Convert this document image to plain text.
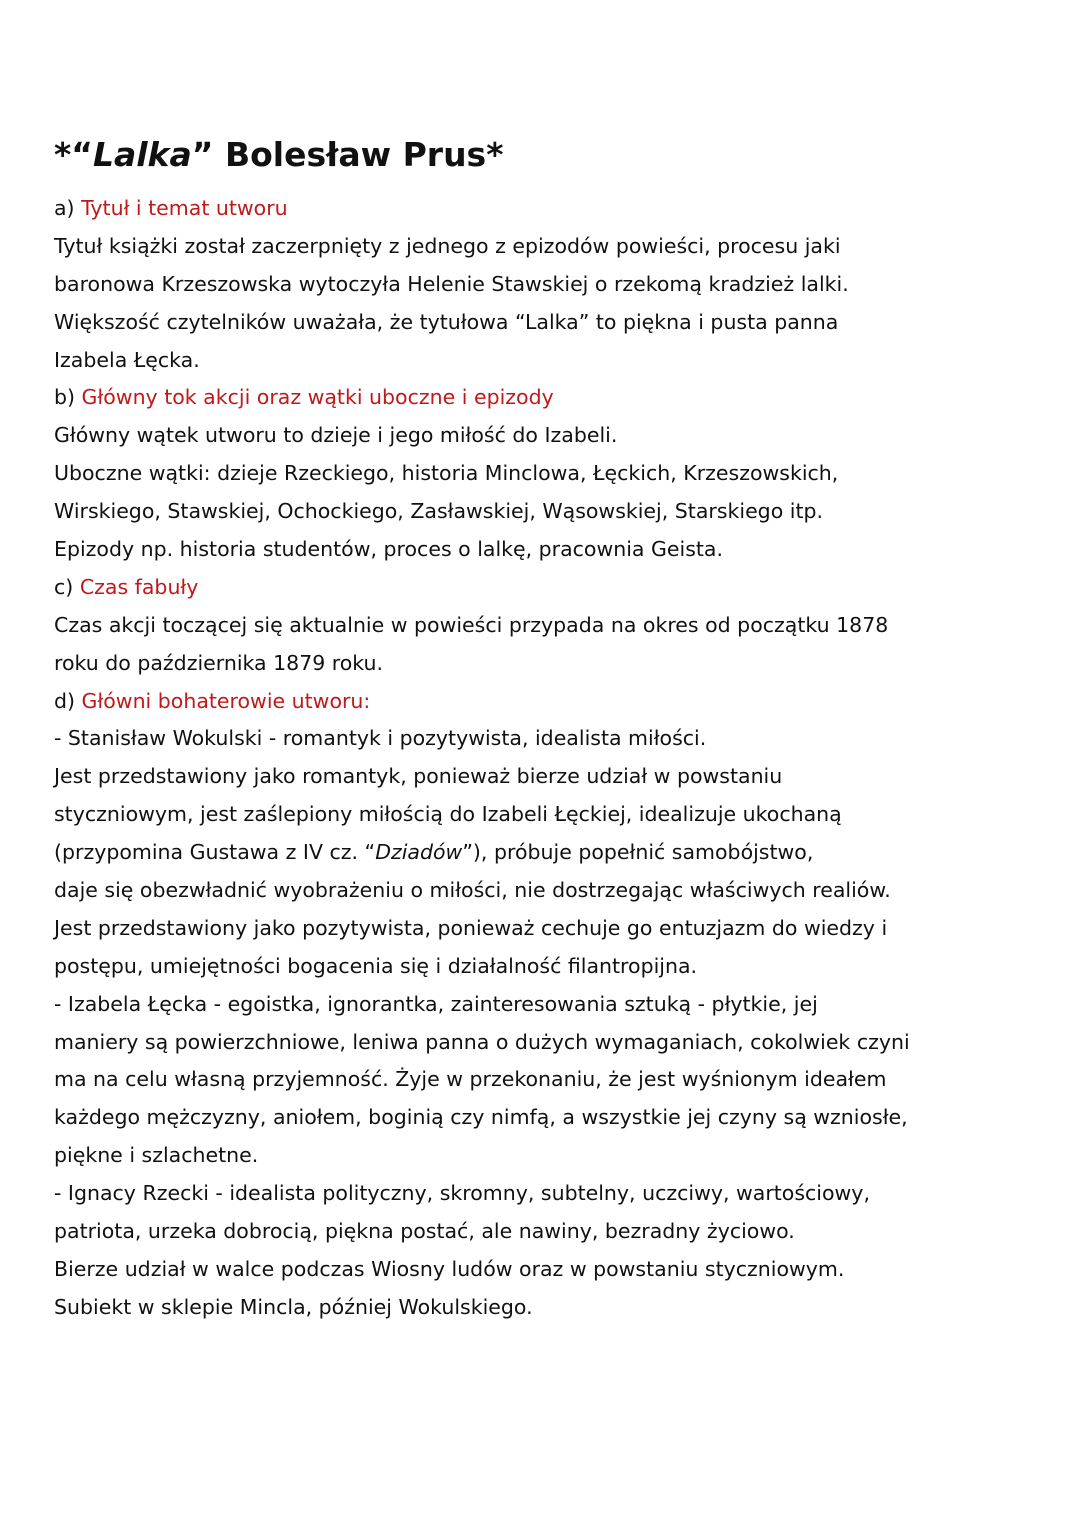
*“Lalka” Bolesław Prus*
a) Tytuł i temat utworu
Tytuł książki został zaczerpnięty z jednego z epizodów powieści, procesu jaki
baronowa Krzeszowska wytoczyła Helenie Stawskiej o rzekomą kradzież lalki.
Większość czytelników uważała, że tytułowa “Lalka” to piękna i pusta panna
Izabela Łęcka.
b) Główny tok akcji oraz wątki uboczne i epizody
Główny wątek utworu to dzieje i jego miłość do Izabeli.
Uboczne wątki: dzieje Rzeckiego, historia Minclowa, Łęckich, Krzeszowskich,
Wirskiego, Stawskiej, Ochockiego, Zasławskiej, Wąsowskiej, Starskiego itp.
Epizody np. historia studentów, proces o lalkę, pracownia Geista.
c) Czas fabuły
Czas akcji toczącej się aktualnie w powieści przypada na okres od początku 1878
roku do października 1879 roku.
d) Główni bohaterowie utworu:
- Stanisław Wokulski - romantyk i pozytywista, idealista miłości.
Jest przedstawiony jako romantyk, ponieważ bierze udział w powstaniu
styczniowym, jest zaślepiony miłością do Izabeli Łęckiej, idealizuje ukochaną
(przypomina Gustawa z IV cz. “Dziadów”), próbuje popełnić samobójstwo,
daje się obezwładnić wyobrażeniu o miłości, nie dostrzegając właściwych realiów.
Jest przedstawiony jako pozytywista, ponieważ cechuje go entuzjazm do wiedzy i
postępu, umiejętności bogacenia się i działalność filantropijna.
- Izabela Łęcka - egoistka, ignorantka, zainteresowania sztuką - płytkie, jej
maniery są powierzchniowe, leniwa panna o dużych wymaganiach, cokolwiek czyni
ma na celu własną przyjemność. Żyje w przekonaniu, że jest wyśnionym ideałem
każdego mężczyzny, aniołem, boginią czy nimfą, a wszystkie jej czyny są wzniosłe,
piękne i szlachetne.
- Ignacy Rzecki - idealista polityczny, skromny, subtelny, uczciwy, wartościowy,
patriota, urzeka dobrocią, piękna postać, ale nawiny, bezradny życiowo.
Bierze udział w walce podczas Wiosny ludów oraz w powstaniu styczniowym.
Subiekt w sklepie Mincla, później Wokulskiego.
